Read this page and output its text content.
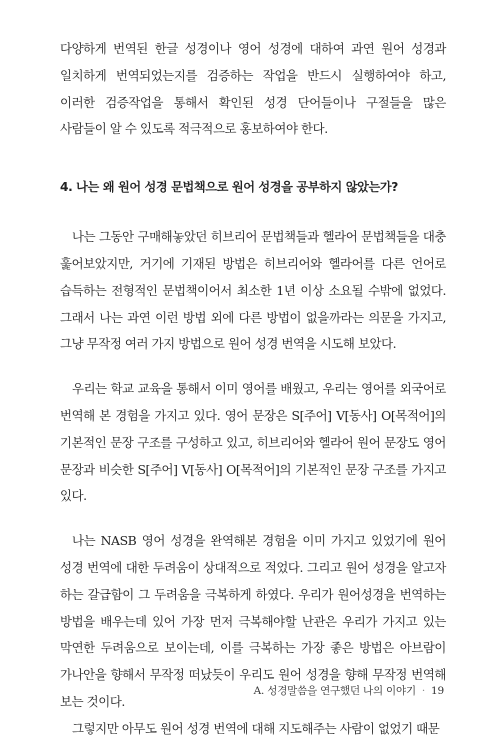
다양하게 번역된 한글 성경이나 영어 성경에 대하여 과연 원어 성경과 일치하게 번역되었는지를 검증하는 작업을 반드시 실행하여야 하고, 이러한 검증작업을 통해서 확인된 성경 단어들이나 구절들을 많은 사람들이 알 수 있도록 적극적으로 홍보하여야 한다.

4. 나는 왜 원어 성경 문법책으로 원어 성경을 공부하지 않았는가?

나는 그동안 구매해놓았던 히브리어 문법책들과 헬라어 문법책들을 대충 훑어보았지만, 거기에 기재된 방법은 히브리어와 헬라어를 다른 언어로 습득하는 전형적인 문법책이어서 최소한 1년 이상 소요될 수밖에 없었다. 그래서 나는 과연 이런 방법 외에 다른 방법이 없을까라는 의문을 가지고, 그냥 무작정 여러 가지 방법으로 원어 성경 번역을 시도해 보았다.

우리는 학교 교육을 통해서 이미 영어를 배웠고, 우리는 영어를 외국어로 번역해 본 경험을 가지고 있다. 영어 문장은 S[주어] V[동사] O[목적어]의 기본적인 문장 구조를 구성하고 있고, 히브리어와 헬라어 원어 문장도 영어 문장과 비슷한 S[주어] V[동사] O[목적어]의 기본적인 문장 구조를 가지고 있다.

나는 NASB 영어 성경을 완역해본 경험을 이미 가지고 있었기에 원어 성경 번역에 대한 두려움이 상대적으로 적었다. 그리고 원어 성경을 알고자 하는 갈급함이 그 두려움을 극복하게 하였다. 우리가 원어성경을 번역하는 방법을 배우는데 있어 가장 먼저 극복해야할 난관은 우리가 가지고 있는 막연한 두려움으로 보이는데, 이를 극복하는 가장 좋은 방법은 아브람이 가나안을 향해서 무작정 떠났듯이 우리도 원어 성경을 향해 무작정 번역해 보는 것이다.

그렇지만 아무도 원어 성경 번역에 대해 지도해주는 사람이 없었기 때문

A. 성경말씀을 연구했던 나의 이야기 · 19
